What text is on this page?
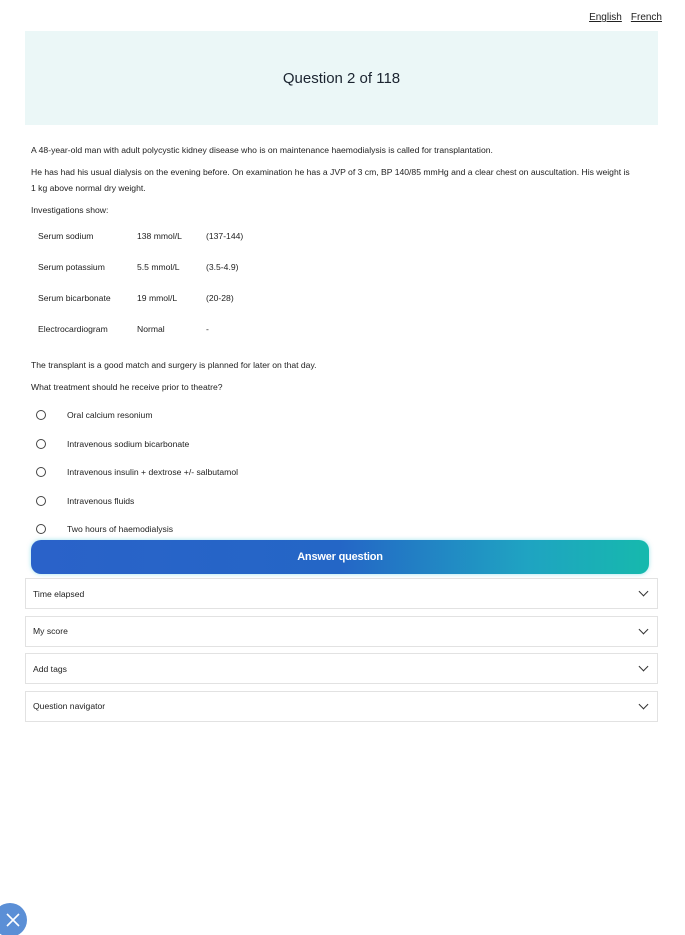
English French
Question 2 of 118

A 48-year-old man with adult polycystic kidney disease who is on maintenance haemodialysis is called for transplantation.

He has had his usual dialysis on the evening before. On examination he has a JVP of 3 cm, BP 140/85 mmHg and a clear chest on auscultation. His weight is 1 kg above normal dry weight.

Investigations show:

Serum sodium	138 mmol/L	(137-144)
Serum potassium	5.5 mmol/L	(3.5-4.9)
Serum bicarbonate	19 mmol/L	(20-28)
Electrocardiogram	Normal	-

The transplant is a good match and surgery is planned for later on that day.

What treatment should he receive prior to theatre?

Oral calcium resonium
Intravenous sodium bicarbonate
Intravenous insulin + dextrose +/- salbutamol
Intravenous fluids
Two hours of haemodialysis
Answer question
Time elapsed
My score
Add tags
Question navigator
